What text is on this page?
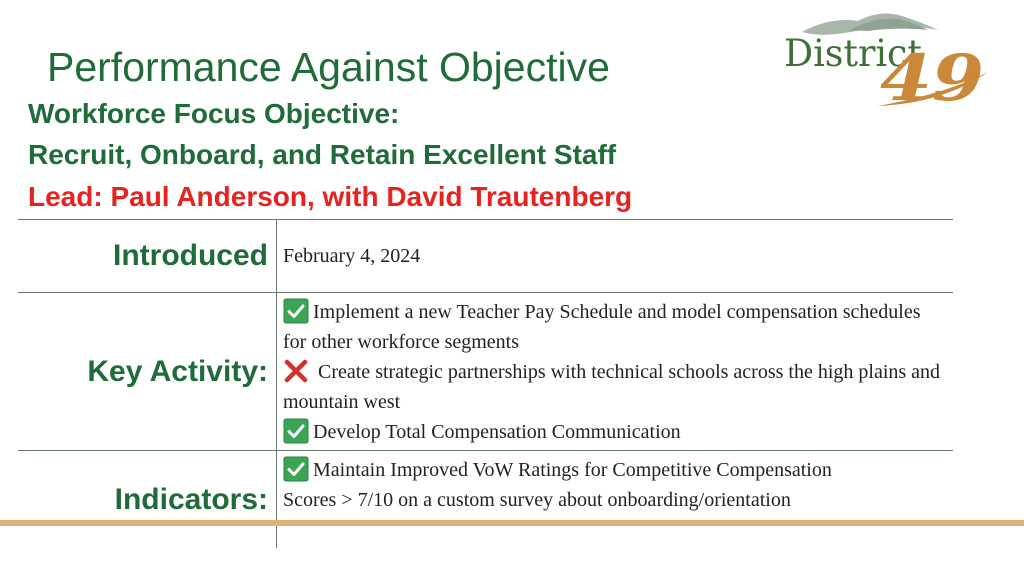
Performance Against Objective
Workforce Focus Objective:
Recruit, Onboard, and Retain Excellent Staff
Lead: Paul Anderson, with David Trautenberg
District
49
Introduced February 4, 2024

Key Activity:

Implement a new Teacher Pay Schedule and model compensation schedules for other workforce segments

Create strategic partnerships with technical schools across the high plains and mountain west

Develop Total Compensation Communication

Indicators:

Maintain Improved VoW Ratings for Competitive Compensation

Scores > 7/10 on a custom survey about onboarding/orientation
